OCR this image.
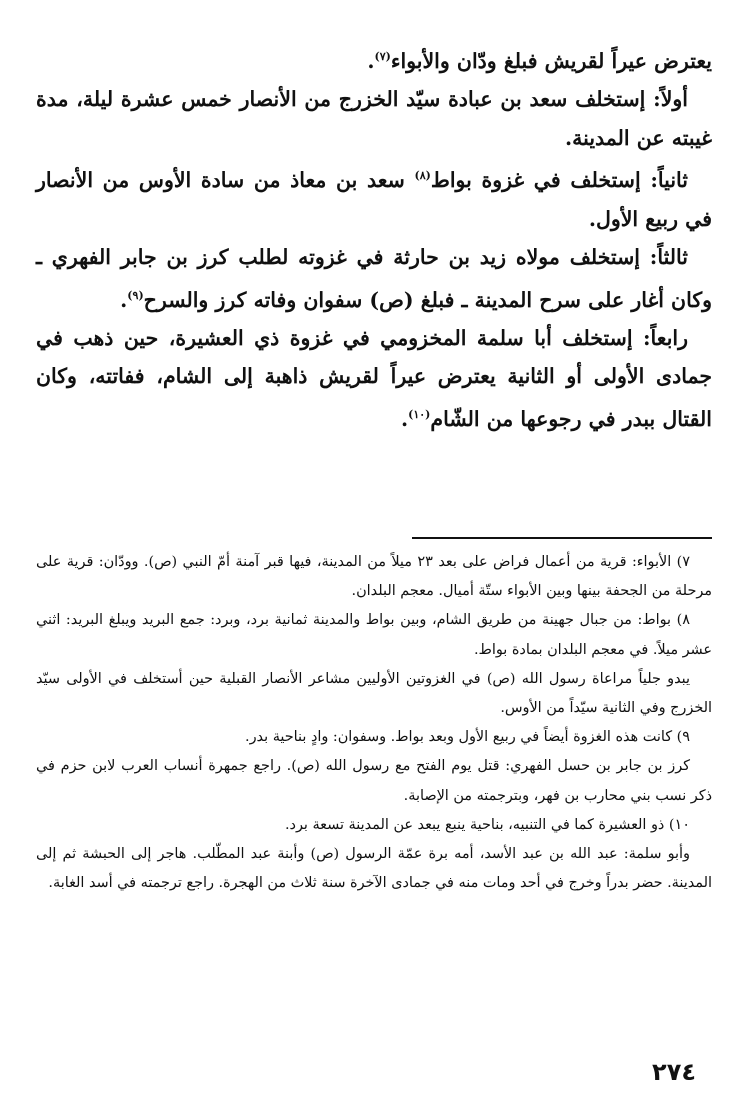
يعترض عيراً لقريش فبلغ ودّان والأبواء$^{(٧)}$.

أولاً: إستخلف سعد بن عبادة سيّد الخزرج من الأنصار خمس عشرة ليلة، مدة غيبته عن المدينة.

ثانياً: إستخلف في غزوة بواط$^{(٨)}$ سعد بن معاذ من سادة الأوس من الأنصار في ربيع الأول.

ثالثاً: إستخلف مولاه زيد بن حارثة في غزوته لطلب كرز بن جابر الفهري ـ وكان أغار على سرح المدينة ـ فبلغ (ص) سفوان وفاته كرز والسرح$^{(٩)}$.

رابعاً: إستخلف أبا سلمة المخزومي في غزوة ذي العشيرة، حين ذهب في جمادى الأولى أو الثانية يعترض عيراً لقريش ذاهبة إلى الشام، ففاتته، وكان القتال ببدر في رجوعها من الشّام$^{(١٠)}$.

٧) الأبواء: قرية من أعمال فراض على بعد ٢٣ ميلاً من المدينة، فيها قبر آمنة أمّ النبي (ص). وودّان: قرية على مرحلة من الجحفة بينها وبين الأبواء ستّة أميال. معجم البلدان.

٨) بواط: من جبال جهينة من طريق الشام، وبين بواط والمدينة ثمانية برد، وبرد: جمع البريد ويبلغ البريد: اثني عشر ميلاً. في معجم البلدان بمادة بواط.

يبدو جلياً مراعاة رسول الله (ص) في الغزوتين الأوليين مشاعر الأنصار القبلية حين أستخلف في الأولى سيّد الخزرج وفي الثانية سيّداً من الأوس.

٩) كانت هذه الغزوة أيضاً في ربيع الأول وبعد بواط. وسفوان: وادٍ بناحية بدر.

كرز بن جابر بن حسل الفهري: قتل يوم الفتح مع رسول الله (ص). راجع جمهرة أنساب العرب لابن حزم في ذكر نسب بني محارب بن فهر، وبترجمته من الإصابة.

١٠) ذو العشيرة كما في التنبيه، بناحية ينبع يبعد عن المدينة تسعة برد.

وأبو سلمة: عبد الله بن عبد الأسد، أمه برة عمّة الرسول (ص) وأبنة عبد المطّلب. هاجر إلى الحبشة ثم إلى المدينة. حضر بدراً وخرج في أحد ومات منه في جمادى الآخرة سنة ثلاث من الهجرة. راجع ترجمته في أسد الغابة.

٢٧٤
